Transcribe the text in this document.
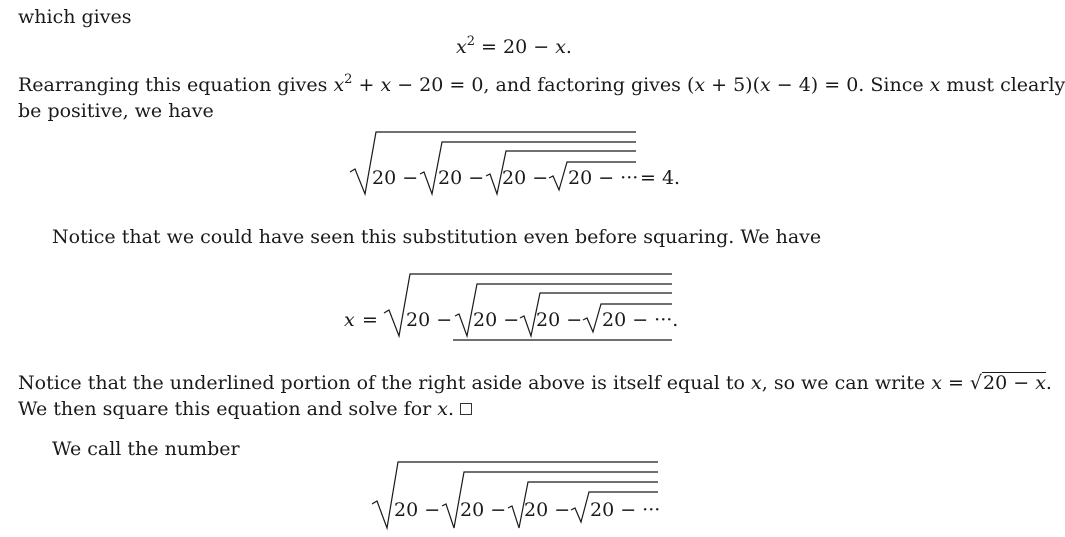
which gives
$x^2 = 20 - x$.
Rearranging this equation gives $x^2 + x - 20 = 0$, and factoring gives (x + 5)(x − 4) = 0. Since x must clearly
be positive, we have
20 − 20 − 20 − 20 − ··· = 4.
Notice that we could have seen this substitution even before squaring. We have
x = 20 − 20 − 20 − 20 − ···.
Notice that the underlined portion of the right aside above is itself equal to x, so we can write x = √20 − x.
We then square this equation and solve for x.
We call the number
20 − 20 − 20 − 20 − ···
